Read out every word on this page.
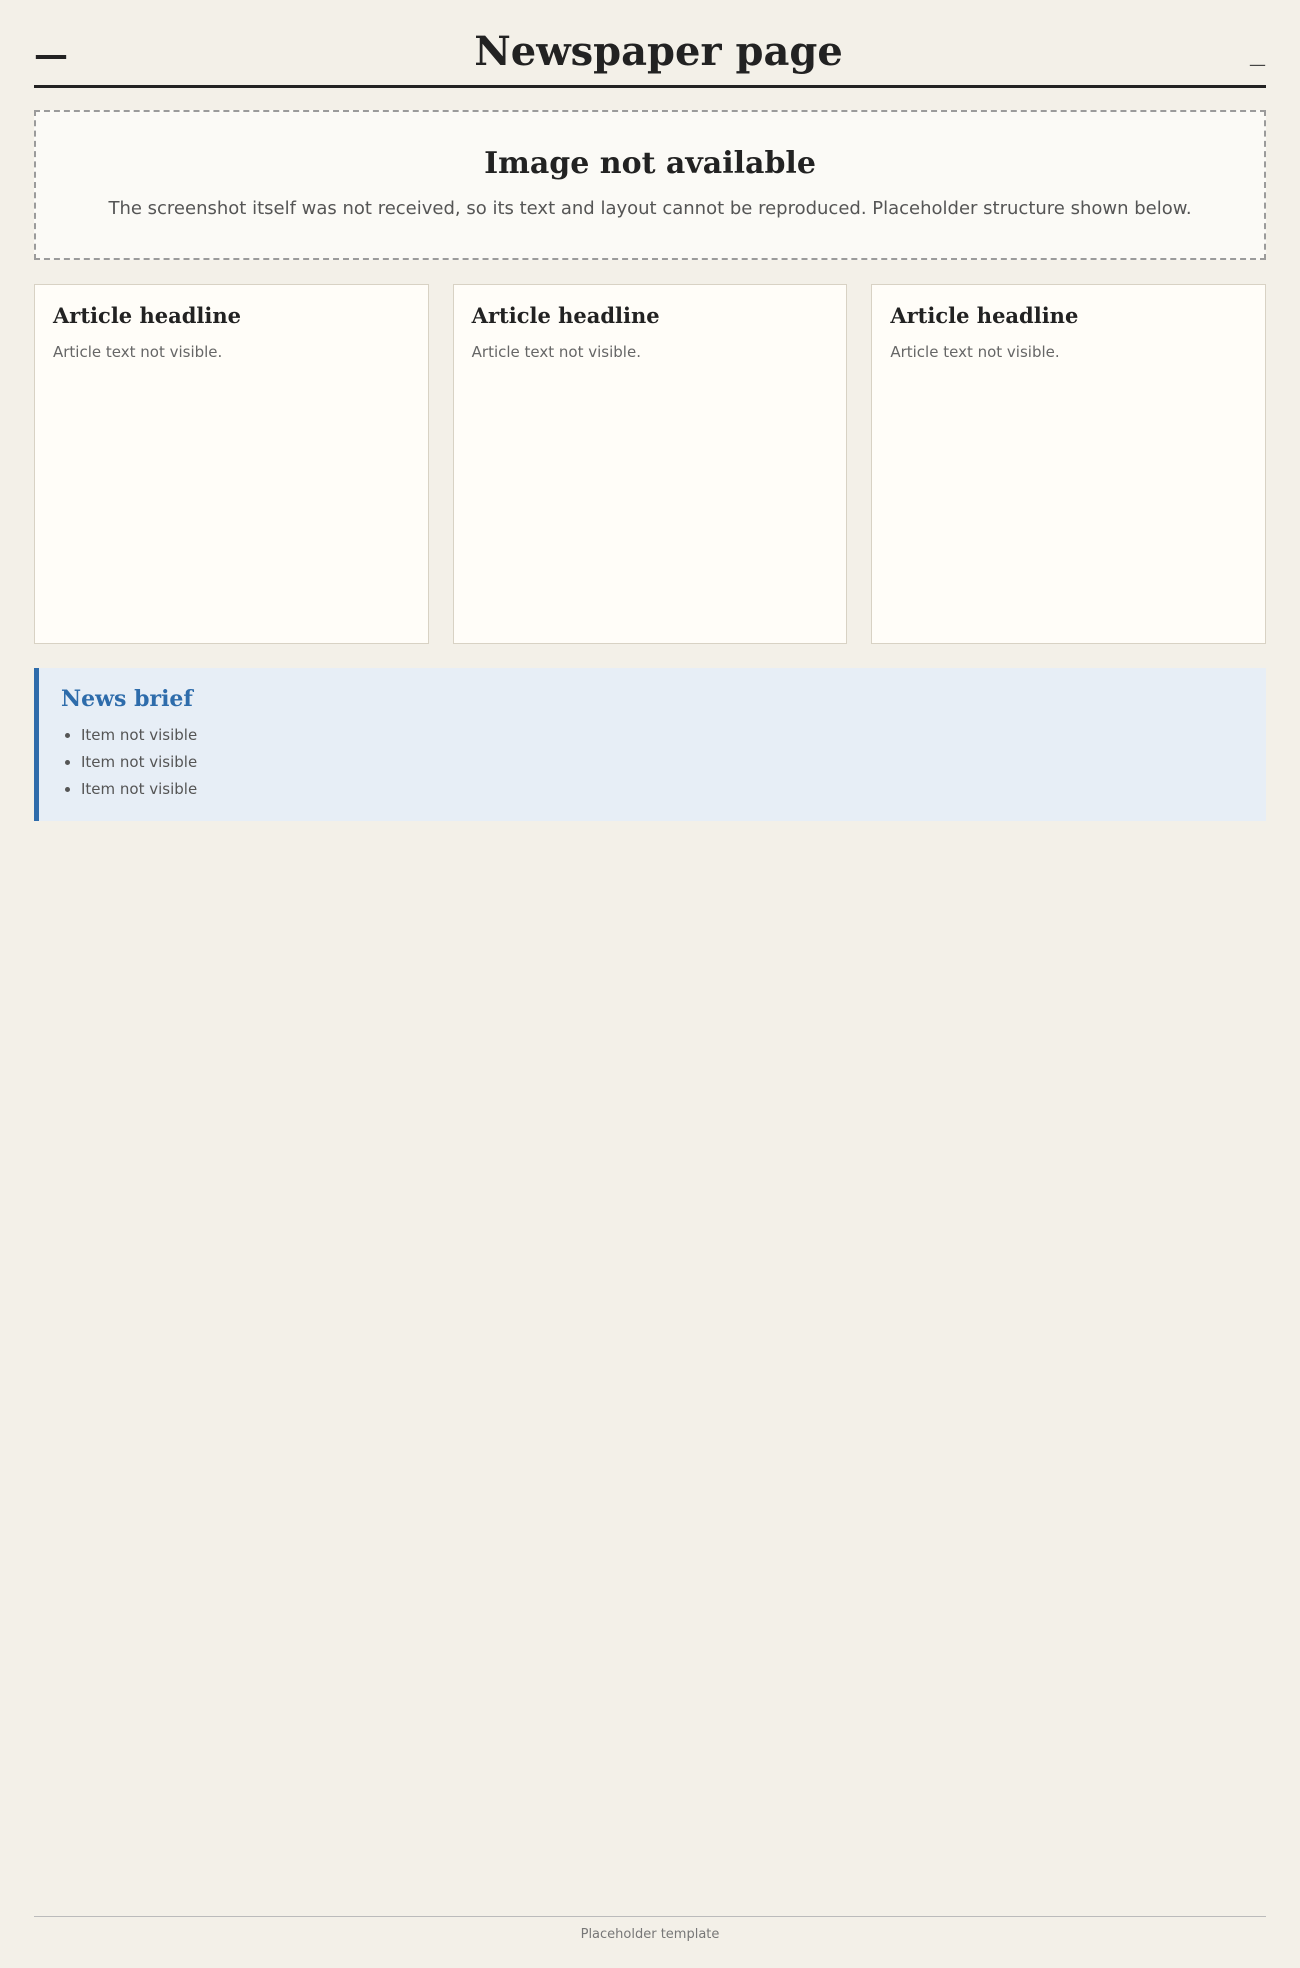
—	Newspaper page	—
Image not available

The screenshot itself was not received, so its text and layout cannot be reproduced. Placeholder structure shown below.

Article headline

Article text not visible.

Article headline

Article text not visible.

Article headline

Article text not visible.

News brief
• Item not visible
• Item not visible
• Item not visible
Placeholder template
